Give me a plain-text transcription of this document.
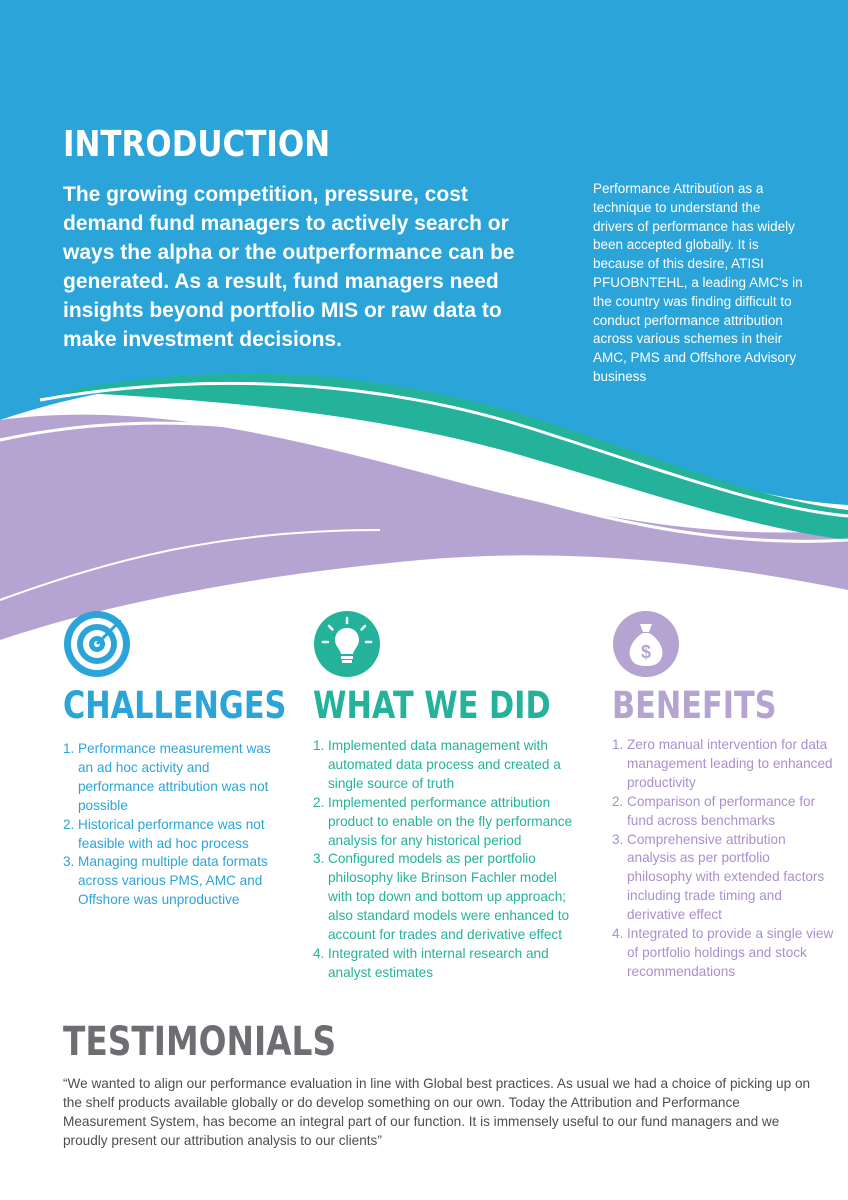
INTRODUCTION

The growing competition, pressure, cost demand fund managers to actively search or ways the alpha or the outperformance can be generated. As a result, fund managers need insights beyond portfolio MIS or raw data to make investment decisions.

Performance Attribution as a technique to understand the drivers of performance has widely been accepted globally. It is because of this desire, ATISI PFUOBNTEHL, a leading AMC's in the country was finding difficult to conduct performance attribution across various schemes in their AMC, PMS and Offshore Advisory business

CHALLENGES
1. Performance measurement was an ad hoc activity and performance attribution was not possible
2. Historical performance was not feasible with ad hoc process
3. Managing multiple data formats across various PMS, AMC and Offshore was unproductive
WHAT WE DID
1. Implemented data management with automated data process and created a single source of truth
2. Implemented performance attribution product to enable on the fly performance analysis for any historical period
3. Configured models as per portfolio philosophy like Brinson Fachler model with top down and bottom up approach; also standard models were enhanced to account for trades and derivative effect
4. Integrated with internal research and analyst estimates
$
BENEFITS
1. Zero manual intervention for data management leading to enhanced productivity
2. Comparison of performance for fund across benchmarks
3. Comprehensive attribution analysis as per portfolio philosophy with extended factors including trade timing and derivative effect
4. Integrated to provide a single view of portfolio holdings and stock recommendations
TESTIMONIALS

“We wanted to align our performance evaluation in line with Global best practices. As usual we had a choice of picking up on the shelf products available globally or do develop something on our own. Today the Attribution and Performance Measurement System, has become an integral part of our function. It is immensely useful to our fund managers and we proudly present our attribution analysis to our clients”
